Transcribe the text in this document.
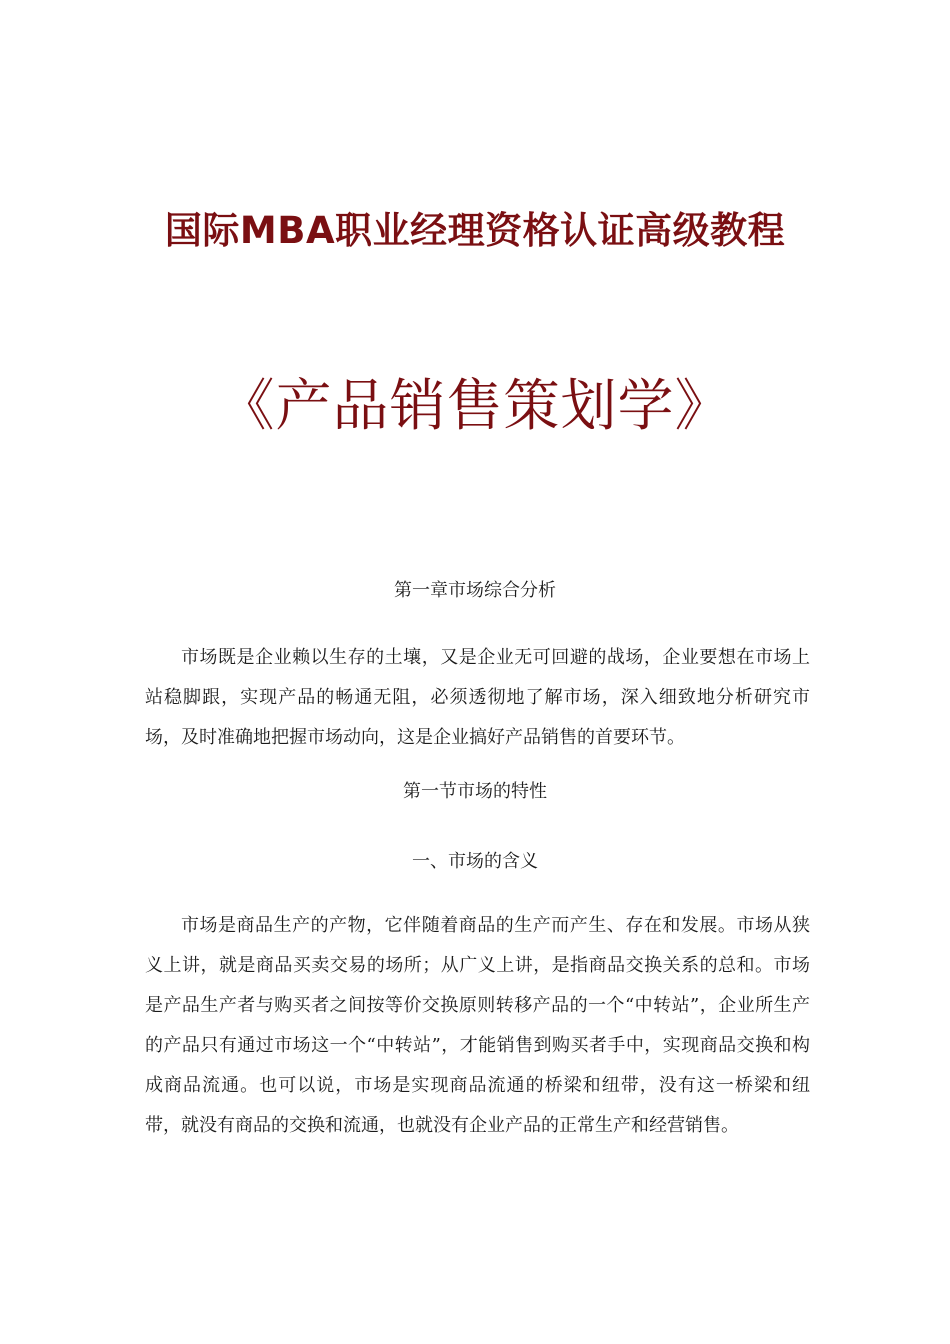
国际MBA职业经理资格认证高级教程
《产品销售策划学》
第一章市场综合分析

市场既是企业赖以生存的土壤，又是企业无可回避的战场，企业要想在市场上站稳脚跟，实现产品的畅通无阻，必须透彻地了解市场，深入细致地分析研究市场，及时准确地把握市场动向，这是企业搞好产品销售的首要环节。

第一节市场的特性
一、市场的含义

市场是商品生产的产物，它伴随着商品的生产而产生、存在和发展。市场从狭义上讲，就是商品买卖交易的场所；从广义上讲，是指商品交换关系的总和。市场是产品生产者与购买者之间按等价交换原则转移产品的一个“中转站”，企业所生产的产品只有通过市场这一个“中转站”，才能销售到购买者手中，实现商品交换和构成商品流通。也可以说，市场是实现商品流通的桥梁和纽带，没有这一桥梁和纽带，就没有商品的交换和流通，也就没有企业产品的正常生产和经营销售。
